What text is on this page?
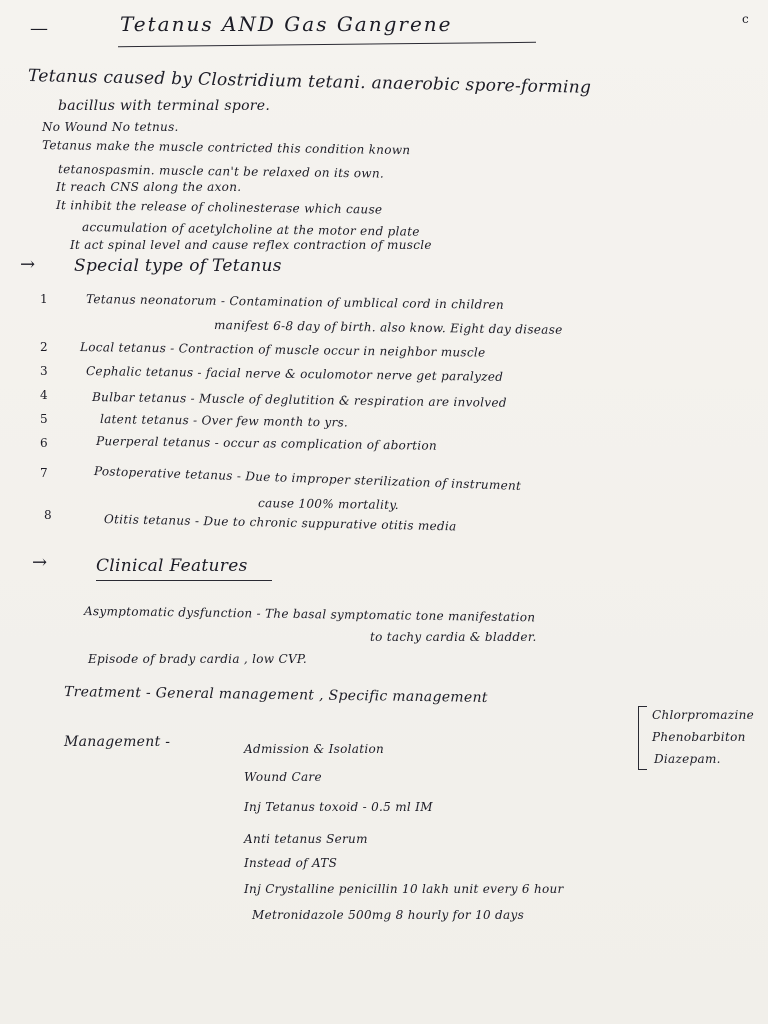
—	Tetanus AND Gas Gangrene	c
Tetanus caused by Clostridium tetani. anaerobic spore-forming
bacillus with terminal spore.
No Wound No tetnus.
Tetanus make the muscle contricted this condition known
tetanospasmin. muscle can't be relaxed on its own.
It reach CNS along the axon.
It inhibit the release of cholinesterase which cause
accumulation of acetylcholine at the motor end plate
It act spinal level and cause reflex contraction of muscle
→ Special type of Tetanus
1	Tetanus neonatorum - Contamination of umblical cord in children
manifest 6-8 day of birth. also know. Eight day disease
2	Local tetanus - Contraction of muscle occur in neighbor muscle
3	Cephalic tetanus - facial nerve & oculomotor nerve get paralyzed
4	Bulbar tetanus - Muscle of deglutition & respiration are involved
5	latent tetanus - Over few month to yrs.
6	Puerperal tetanus - occur as complication of abortion
7	Postoperative tetanus - Due to improper sterilization of instrument
cause 100% mortality.
8	Otitis tetanus - Due to chronic suppurative otitis media
→	Clinical Features
Asymptomatic dysfunction - The basal symptomatic tone manifestation
to tachy cardia & bladder.
Episode of brady cardia , low CVP.
Treatment - General management , Specific management
Chlorpromazine
Phenobarbiton
Diazepam.
Management -	Admission & Isolation
Wound Care
Inj Tetanus toxoid - 0.5 ml IM
Anti tetanus Serum
Instead of ATS
Inj Crystalline penicillin 10 lakh unit every 6 hour
Metronidazole 500mg 8 hourly for 10 days
